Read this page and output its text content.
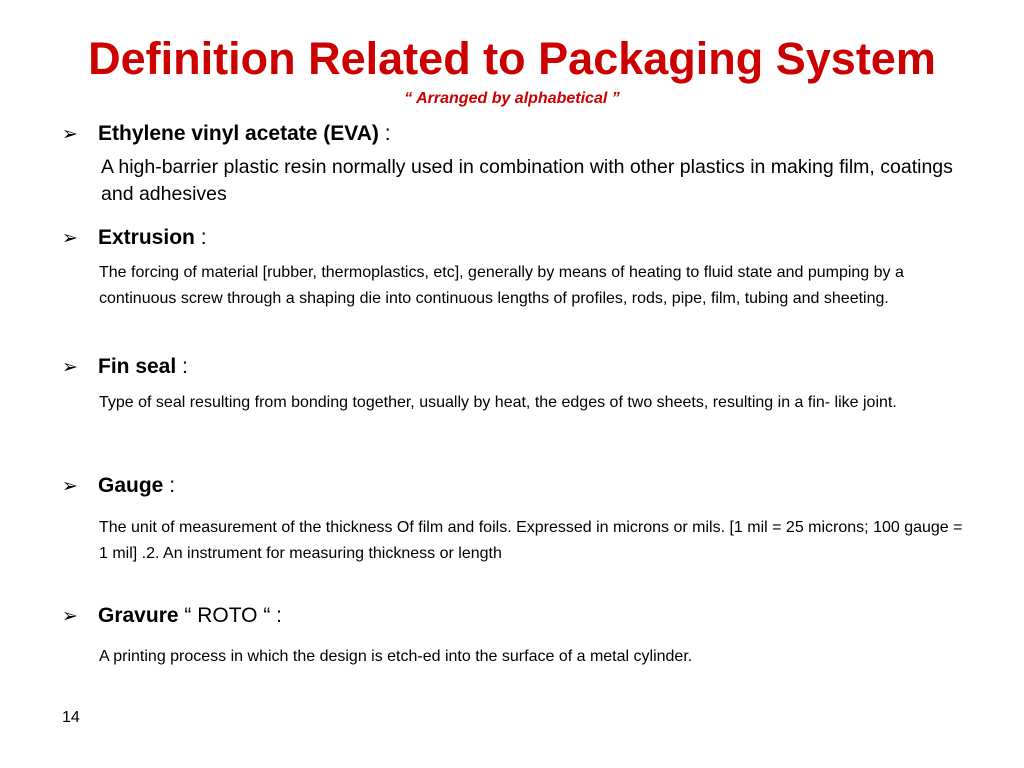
Definition Related to Packaging System
“ Arranged by alphabetical ”
➢ Ethylene vinyl acetate (EVA) :
A high-barrier plastic resin normally used in combination with other plastics in making film, coatings and adhesives
➢ Extrusion :
The forcing of material [rubber, thermoplastics, etc], generally by means of heating to fluid state and pumping by a continuous screw through a shaping die into continuous lengths of profiles, rods, pipe, film, tubing and sheeting.
➢ Fin seal :
Type of seal resulting from bonding together, usually by heat, the edges of two sheets, resulting in a fin- like joint.
➢ Gauge :
The unit of measurement of the thickness Of film and foils. Expressed in microns or mils. [1 mil = 25 microns; 100 gauge = 1 mil] .2. An instrument for measuring thickness or length
➢ Gravure “ ROTO “ :
A printing process in which the design is etch-ed into the surface of a metal cylinder.
14
